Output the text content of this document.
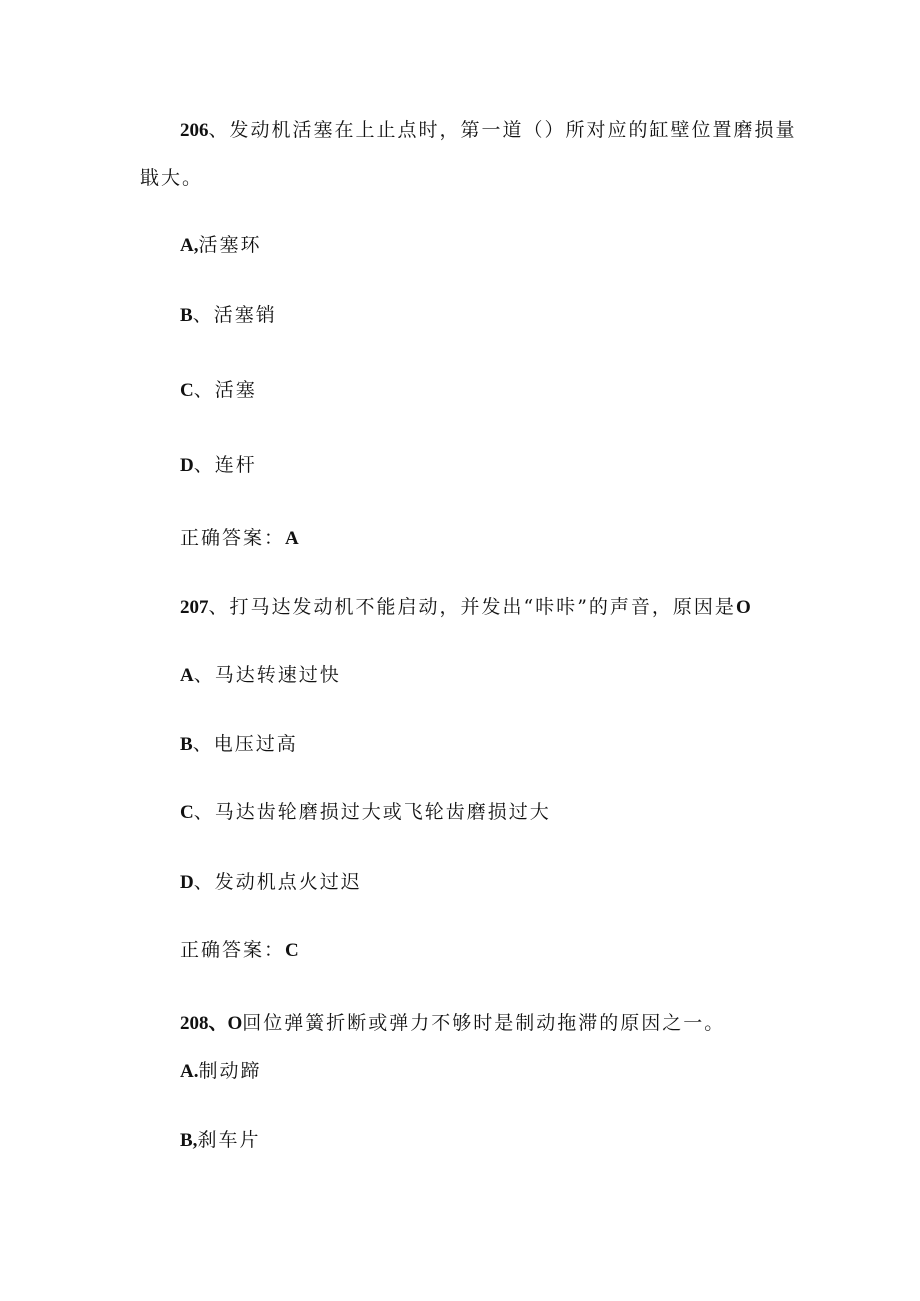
206、发动机活塞在上止点时，第一道（）所对应的缸壁位置磨损量
戢大。
A,活塞环
B、活塞销
C、活塞
D、连杆
正确答案：A
207、打马达发动机不能启动，并发出“咔咔”的声音，原因是O
A、马达转速过快
B、电压过高
C、马达齿轮磨损过大或飞轮齿磨损过大
D、发动机点火过迟
正确答案：C
208、O回位弹簧折断或弹力不够时是制动拖滞的原因之一。
A.制动蹄
B,刹车片
